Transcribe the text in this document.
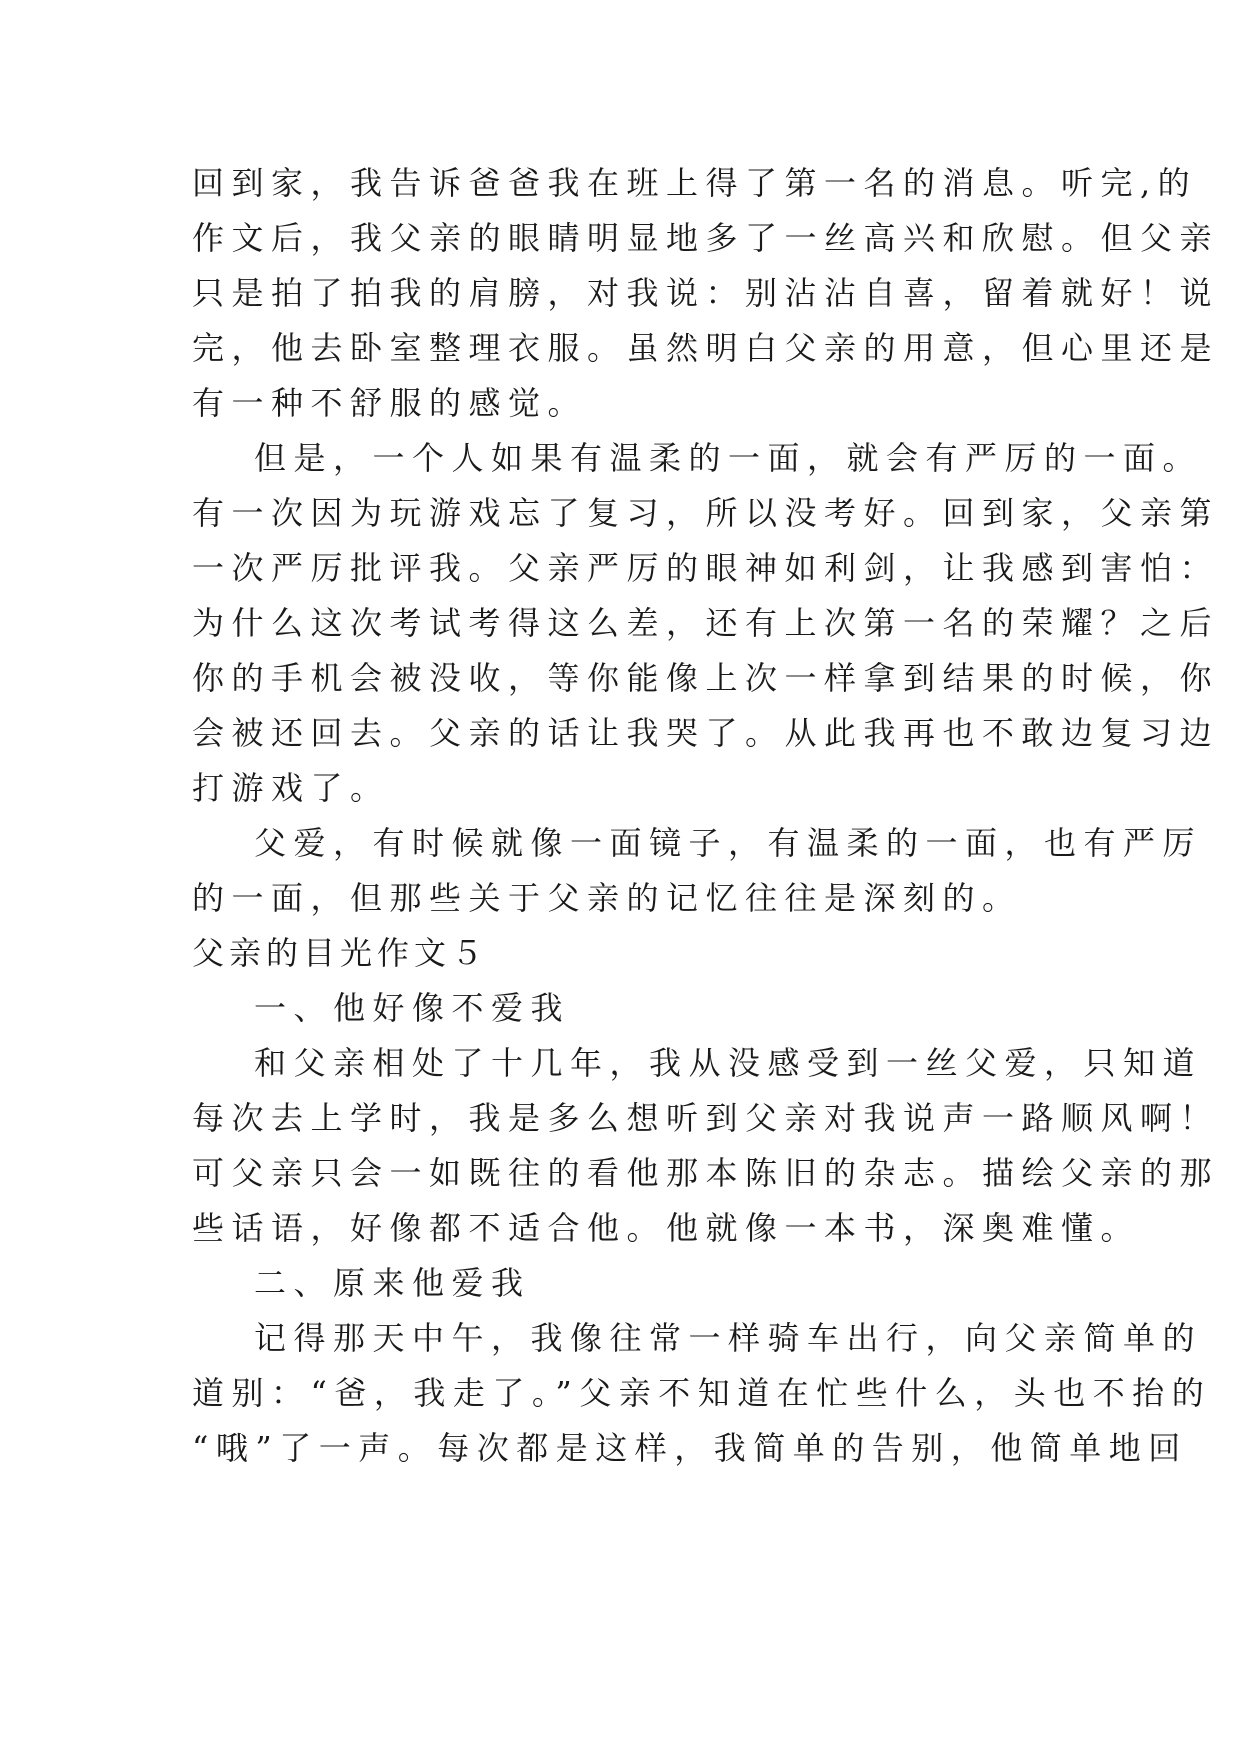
回到家，我告诉爸爸我在班上得了第一名的消息。听完,的
作文后，我父亲的眼睛明显地多了一丝高兴和欣慰。但父亲
只是拍了拍我的肩膀，对我说：别沾沾自喜，留着就好！说
完，他去卧室整理衣服。虽然明白父亲的用意，但心里还是
有一种不舒服的感觉。
但是，一个人如果有温柔的一面，就会有严厉的一面。
有一次因为玩游戏忘了复习，所以没考好。回到家，父亲第
一次严厉批评我。父亲严厉的眼神如利剑，让我感到害怕：
为什么这次考试考得这么差，还有上次第一名的荣耀？之后
你的手机会被没收，等你能像上次一样拿到结果的时候，你
会被还回去。父亲的话让我哭了。从此我再也不敢边复习边
打游戏了。
父爱，有时候就像一面镜子，有温柔的一面，也有严厉
的一面，但那些关于父亲的记忆往往是深刻的。
父亲的目光作文５
一、他好像不爱我
和父亲相处了十几年，我从没感受到一丝父爱，只知道
每次去上学时，我是多么想听到父亲对我说声一路顺风啊！
可父亲只会一如既往的看他那本陈旧的杂志。描绘父亲的那
些话语，好像都不适合他。他就像一本书，深奥难懂。
二、原来他爱我
记得那天中午，我像往常一样骑车出行，向父亲简单的
道别：“爸，我走了。”父亲不知道在忙些什么，头也不抬的
“哦”了一声。每次都是这样，我简单的告别，他简单地回
